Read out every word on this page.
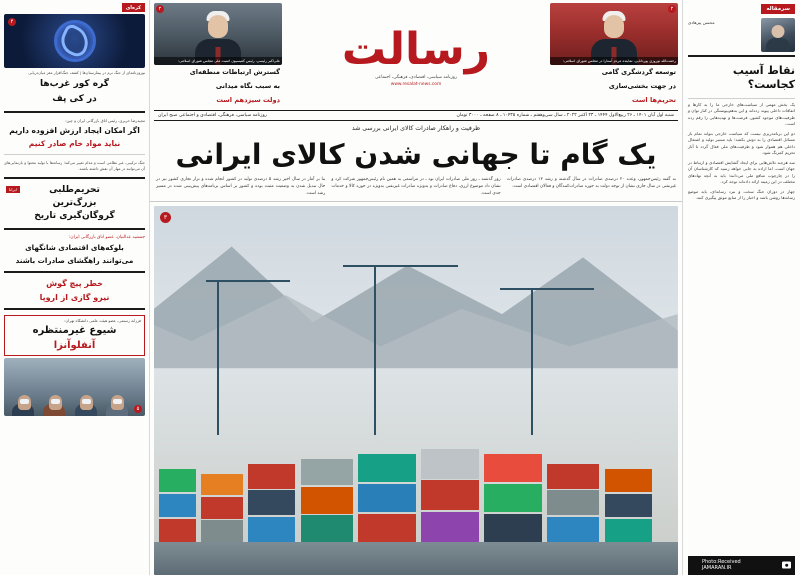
سرمقاله
محسن پیرهادی
نقاط آسیب کجاست؟
یک بخش مهمی از سیاست‌های خارجی ما را به کارها و اتفاقات داخلی پیوند زده‌اند و این به‌هم‌پیوستگی در کنار توان و ظرفیت‌های موجود کشور، فرصت‌ها و تهدیدهایی را رقم زده است.
دو این برنامه‌ریزی نیست که سیاست خارجی بتواند تمام بار مسائل اقتصادی را به دوش بکشد؛ باید مسیر تولید و اشتغال داخلی هم هموار شود و ظرفیت‌های ملی فعال گردد تا آثار تحریم کمرنگ شود.
سه هرچند تلاش‌هایی برای ایجاد گشایش اقتصادی و ارتباط در جهان است، اما اراده به جایی خواهد رسید که کارشناسان آن را در چارچوب منافع ملی می‌دانند؛ باید به آنچه نهادهای مختلف در این زمینه ارائه داده‌اند توجه کرد.
چهار در دوران جنگ سخت و نبرد رسانه‌ای، باید موضع رسانه‌ها روشن باشد و اخبار را از منابع موثق پیگیری کنند.
Photo:Received
JAMARAN.IR
۲
رحمت‌الله نوروزی پوردانایی، نماینده مردم آستارا در مجلس شورای اسلامی:
توسعه گردشگری گامی
در جهت بخشی‌سازی
تحریم‌ها است
رسالت
روزنامه سیاسی، اقتصادی، فرهنگی، اجتماعی
www.resalat-news.com
۲
علی‌اکبر رئیسی، رئیس کمیسیون امنیت ملی مجلس شورای اسلامی:
گسترش ارتباطات منطقه‌ای
به سبب نگاه میدانی
دولت سیزدهم است
شنبه اول آبان ۱۴۰۱ ـ ۲۶ ربیع‌الاول ۱۴۴۴ ـ ۲۳ اکتبر ۲۰۲۲ ـ سال سی‌وهفتم ـ شماره ۱۰۴۳۵ ـ ۸ صفحه ـ ۳۰۰۰ تومان
روزنامه سیاسی، فرهنگی، اقتصادی و اجتماعی صبح ایران
ظرفیت و راهکار صادرات کالای ایرانی بررسی شد
یک گام تا جهانی شدن کالای ایرانی
به گفته رئیس‌جمهور، وعده ۲۰ درصدی صادرات در سال گذشته و رشد ۱۳ درصدی صادرات غیرنفتی در سال جاری نشان از توجه دولت به حوزه صادرات‌کنندگان و فعالان اقتصادی است.
روز گذشته ـ روز ملی صادرات ایران بود ـ در مراسمی به همین نام رئیس‌جمهور شرکت کرد و نشان داد موضوع ارزی، دفاع صادرات و به‌ویژه صادرات غیرنفتی به‌ویژه در حوزه کالا و خدمات جدی است.
بنا بر آمار در سال اخیر رشد ۵ درصدی تولید در کشور انجام شده و تراز تجاری کشور نیز در حال تبدیل شدن به وضعیت مثبت بوده و کشور بر اساس برنامه‌های پیش‌بینی شده در مسیر رشد است.
۳
کره‌ای
۴
نوروزنامه‌ای از جنگ نرم در بیمارستان‌ها | کشف جنگ‌افزار مغز میان‌دریایی
گره کور غرب‌ها
در کی پف
مجیدرضا حریری، رئیس اتاق بازرگانی ایران و چین:
اگر امکان ایجاد ارزش افزوده داریم
نباید مواد خام صادر کنیم
جنگ ترکیبی، غیر نظامی است و مدام تغییر می‌کند؛ رسانه‌ها با تولید محتوا و بازنمایی‌های آن می‌توانند در مهار آن نقش داشته باشند.
تحریم‌طلبی
بزرگ‌ترین
گروگان‌گیری تاریخ
ایرانا
جمشید عدالتیان، عضو اتاق بازرگانی ایران:
بلوکه‌های اقتصادی شانگهای
می‌توانند راهگشای صادرات باشند
خطر پیچ گوش
نیرو گازی از اروپا
فرزانه رستمی، عضو هیئت علمی دانشگاه تهران:
شیوع غیرمنتظره
آنفلوآنزا
۵
